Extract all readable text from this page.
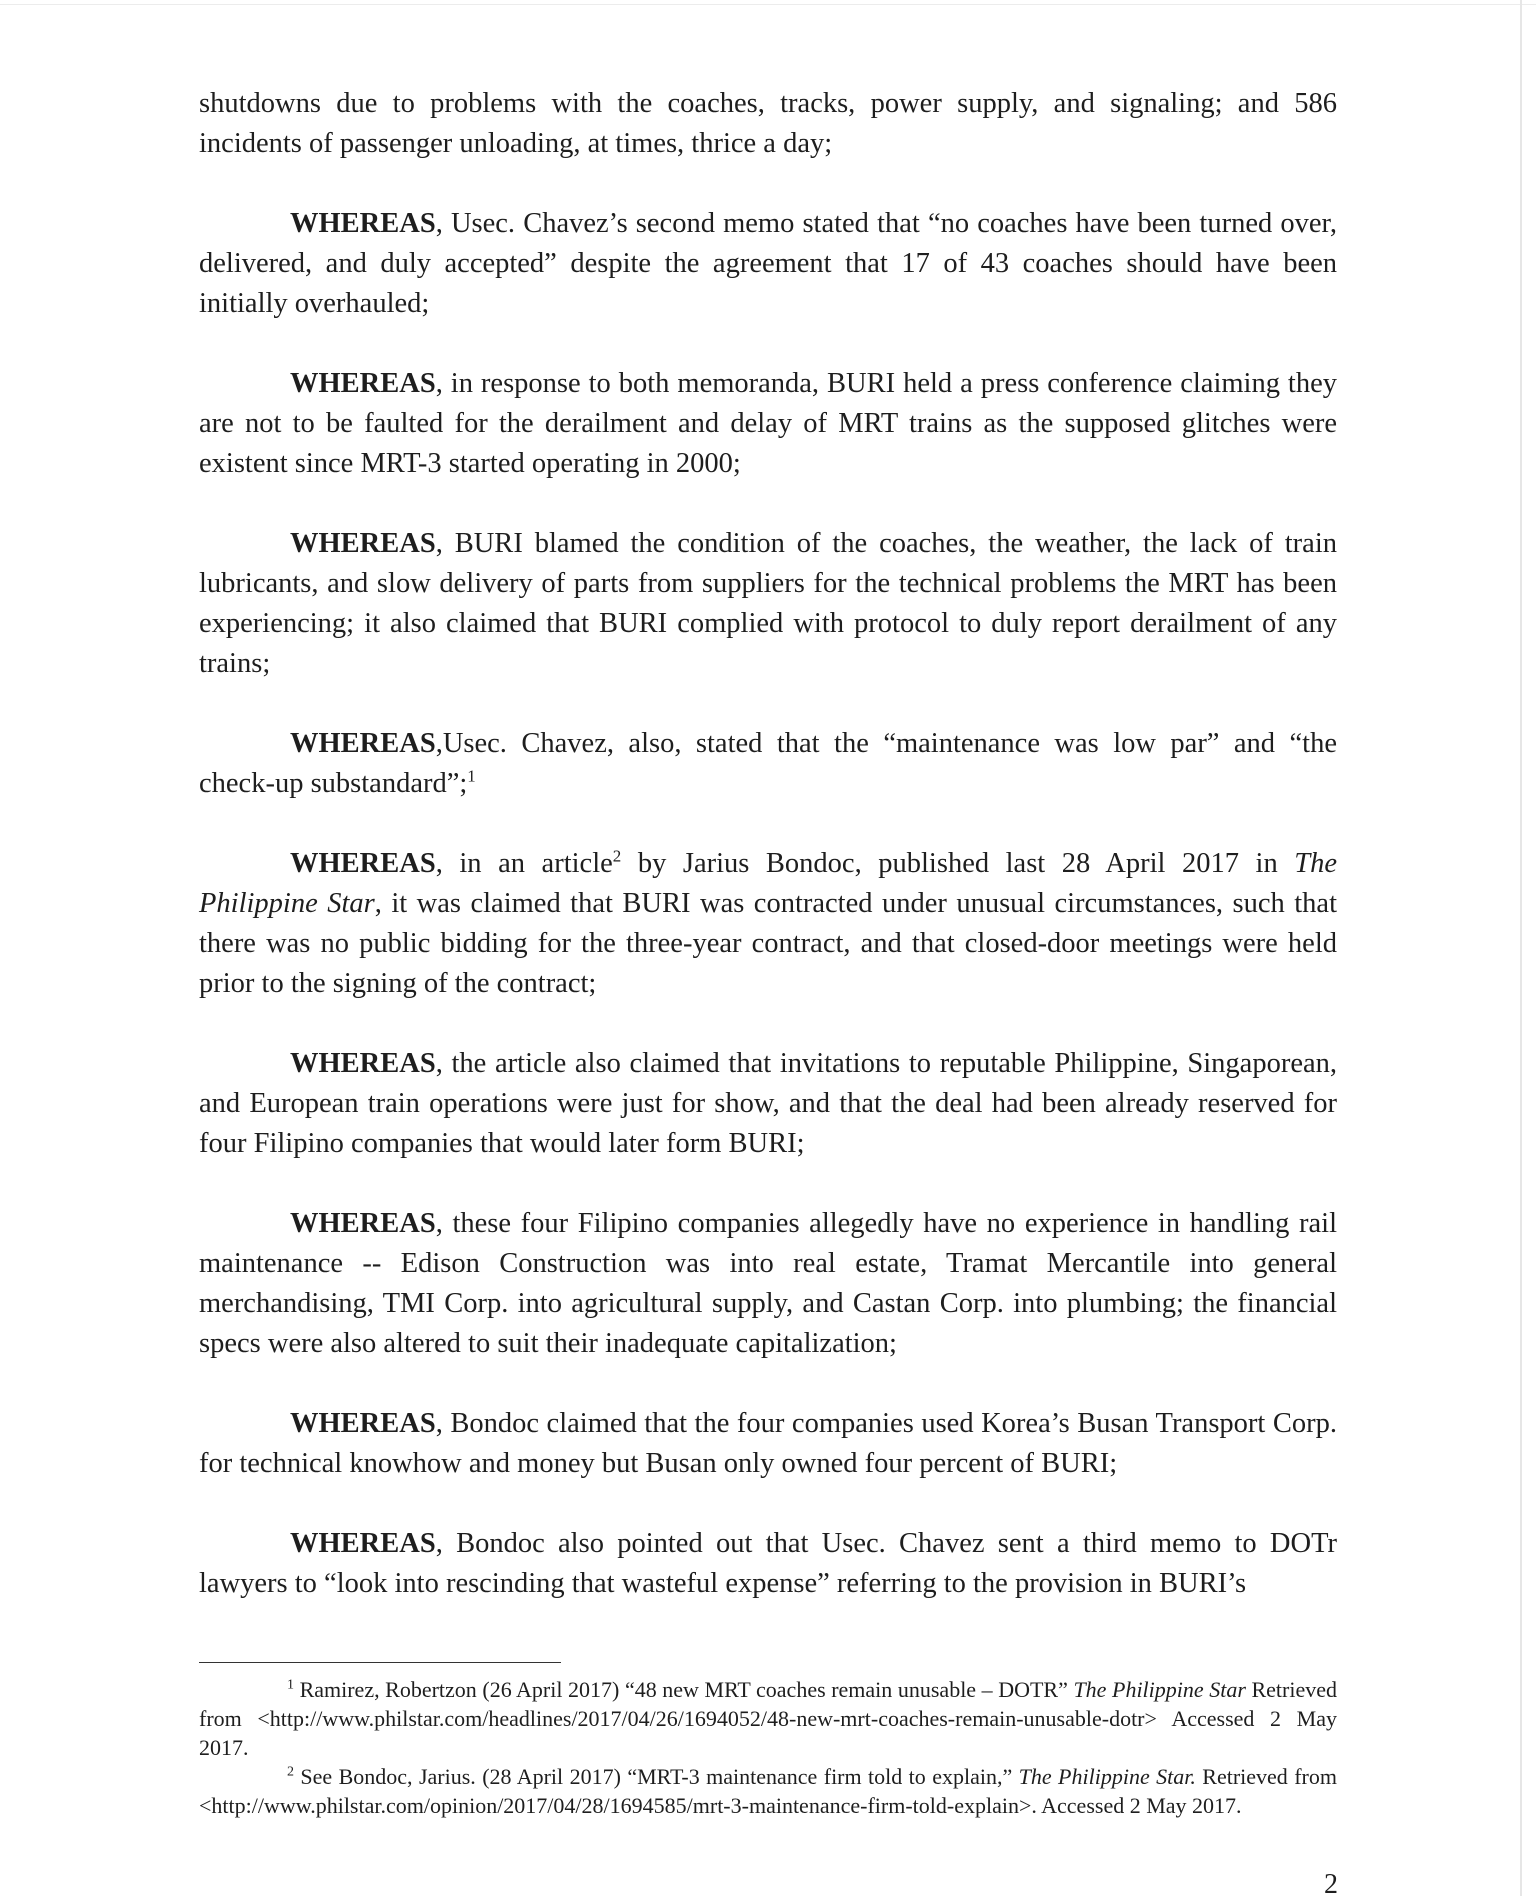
shutdowns due to problems with the coaches, tracks, power supply, and signaling; and 586 incidents of passenger unloading, at times, thrice a day;

WHEREAS, Usec. Chavez’s second memo stated that “no coaches have been turned over, delivered, and duly accepted” despite the agreement that 17 of 43 coaches should have been initially overhauled;

WHEREAS, in response to both memoranda, BURI held a press conference claiming they are not to be faulted for the derailment and delay of MRT trains as the supposed glitches were existent since MRT-3 started operating in 2000;

WHEREAS, BURI blamed the condition of the coaches, the weather, the lack of train lubricants, and slow delivery of parts from suppliers for the technical problems the MRT has been experiencing; it also claimed that BURI complied with protocol to duly report derailment of any trains;

WHEREAS,Usec. Chavez, also, stated that the “maintenance was low par” and “the check-up substandard”;$^1$

WHEREAS, in an article$^2$ by Jarius Bondoc, published last 28 April 2017 in The Philippine Star, it was claimed that BURI was contracted under unusual circumstances, such that there was no public bidding for the three-year contract, and that closed-door meetings were held prior to the signing of the contract;

WHEREAS, the article also claimed that invitations to reputable Philippine, Singaporean, and European train operations were just for show, and that the deal had been already reserved for four Filipino companies that would later form BURI;

WHEREAS, these four Filipino companies allegedly have no experience in handling rail maintenance -- Edison Construction was into real estate, Tramat Mercantile into general merchandising, TMI Corp. into agricultural supply, and Castan Corp. into plumbing; the financial specs were also altered to suit their inadequate capitalization;

WHEREAS, Bondoc claimed that the four companies used Korea’s Busan Transport Corp. for technical knowhow and money but Busan only owned four percent of BURI;

WHEREAS, Bondoc also pointed out that Usec. Chavez sent a third memo to DOTr lawyers to “look into rescinding that wasteful expense” referring to the provision in BURI’s

$^1$ Ramirez, Robertzon (26 April 2017) “48 new MRT coaches remain unusable – DOTR” The Philippine Star Retrieved from <http://www.philstar.com/headlines/2017/04/26/1694052/48-new-mrt-coaches-remain-unusable-dotr> Accessed 2 May 2017.

$^2$ See Bondoc, Jarius. (28 April 2017) “MRT-3 maintenance firm told to explain,” The Philippine Star. Retrieved from <http://www.philstar.com/opinion/2017/04/28/1694585/mrt-3-maintenance-firm-told-explain>. Accessed 2 May 2017.

2
